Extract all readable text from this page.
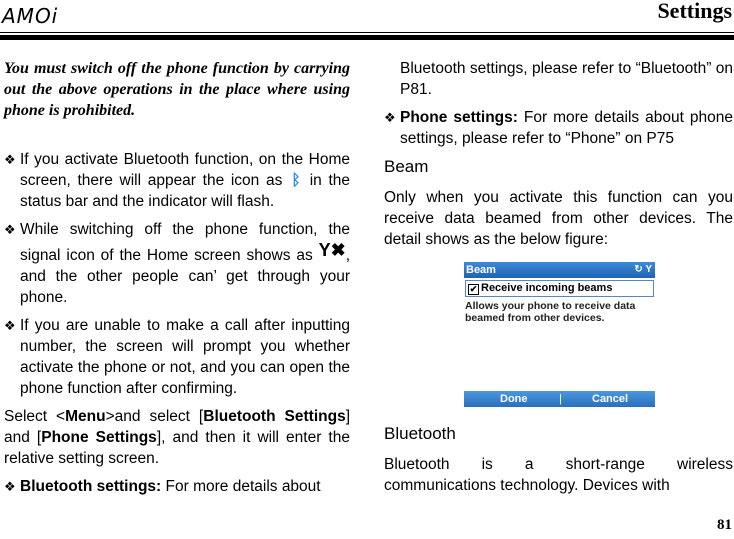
AMOi	Settings
You must switch off the phone function by carrying out the above operations in the place where using phone is prohibited.
❖ If you activate Bluetooth function, on the Home screen, there will appear the icon as ᛒ in the status bar and the indicator will flash.
❖ While switching off the phone function, the signal icon of the Home screen shows as Y✖, and the other people can’ get through your phone.
❖ If you are unable to make a call after inputting number, the screen will prompt you whether activate the phone or not, and you can open the phone function after confirming.

Select <Menu>and select [Bluetooth Settings] and [Phone Settings], and then it will enter the relative setting screen.

❖ Bluetooth settings: For more details about
Bluetooth settings, please refer to “Bluetooth” on P81.
❖ Phone settings: For more details about phone settings, please refer to “Phone” on P75
Beam

Only when you activate this function can you receive data beamed from other devices. The detail shows as the below figure:

Beam	↻ Y
✔ Receive incoming beams
Allows your phone to receive data beamed from other devices.
Done	|	Cancel
Bluetooth

Bluetooth is a short-range wireless communications technology. Devices with

81
